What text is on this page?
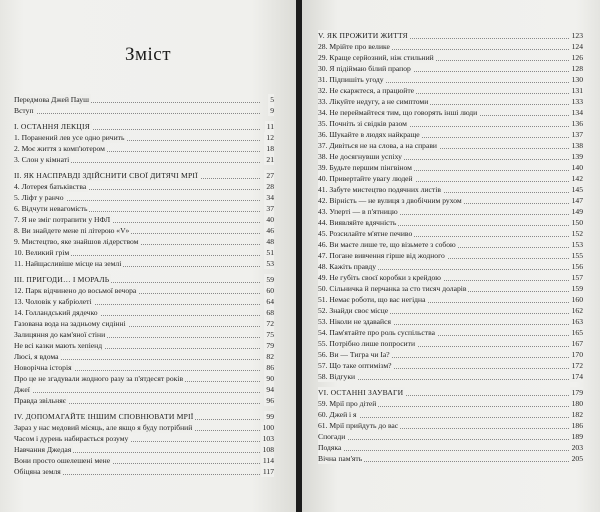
Зміст
Передмова Джей Пауш	5
Вступ	9
I. ОСТАННЯ ЛЕКЦІЯ	11
1. Поранений лев усе одно ричить	12
2. Моє життя з комп'ютером	18
3. Слон у кімнаті	21
II. ЯК НАСПРАВДІ ЗДІЙСНИТИ СВОЇ ДИТЯЧІ МРІЇ	27
4. Лотерея батьківства	28
5. Ліфт у ранчо	34
6. Відчути невагомість	37
7. Я не зміг потрапити у НФЛ	40
8. Ви знайдете мене пі літерою «V»	46
9. Мистецтво, яке знайшов лідерством	48
10. Великий грім	51
11. Найщасливіше місце на землі	53
III. ПРИГОДИ… І МОРАЛЬ	59
12. Парк відчинено до восьмої вечора	60
13. Чоловік у кабріолеті	64
14. Голландський дядечко	68
Газована вода на задньому сидінні	72
Залицяння до кам'яної стіни	75
Не всі казки мають хепіенд	79
Люсі, я вдома	82
Новорічна історія	86
Про це не згадували жодного разу за п'ятдесят років	90
Джеї	94
Правда звільняє	96
IV. ДОПОМАГАЙТЕ ІНШИМ СПОВНЮВАТИ МРІЇ	99
Зараз у нас медовий місяць, але якщо я буду потрібний	100
Часом і дурень набирається розуму	103
Навчання Джедая	108
Вони просто ошелешені мене	114
Обіцяна земля	117
V. ЯК ПРОЖИТИ ЖИТТЯ	123
28. Мрійте про велике	124
29. Краще серйозний, ніж стильний	126
30. Я підіймаю білий прапор	128
31. Підпишіть угоду	130
32. Не скаржтеся, а працюйте	131
33. Лікуйте недугу, а не симптоми	133
34. Не переймайтеся тим, що говорять інші люди	134
35. Почніть зі свідків разом	136
36. Шукайте в людях найкраще	137
37. Дивіться не на слова, а на справи	138
38. Не досягнувши успіху	139
39. Будьте першим пінгвіном	140
40. Привертайте увагу людей	142
41. Забуте мистецтво подячних листів	145
42. Вірність — не вулиця з двобічним рухом	147
43. Уперті — в п'ятницю	149
44. Виявляйте вдячність	150
45. Розсилайте м'ятне печиво	152
46. Ви маєте лише те, що візьмете з собою	153
47. Погане вивчення гірше від жодного	155
48. Кажіть правду	156
49. Не губіть своєї коробки з крейдою	157
50. Сільничка й перчанка за сто тисяч доларів	159
51. Немає роботи, що вас негідна	160
52. Знайди своє місце	162
53. Ніколи не здавайся	163
54. Пам'ятайте про роль суспільства	165
55. Потрібно лише попросити	167
56. Ви — Тигра чи Іа?	170
57. Що таке оптимізм?	172
58. Відгуки	174
VI. ОСТАННІ ЗАУВАГИ	179
59. Мрії про дітей	180
60. Джей і я	182
61. Мрії прийдуть до вас	186
Спогади	189
Подяка	203
Вічна пам'ять	205
